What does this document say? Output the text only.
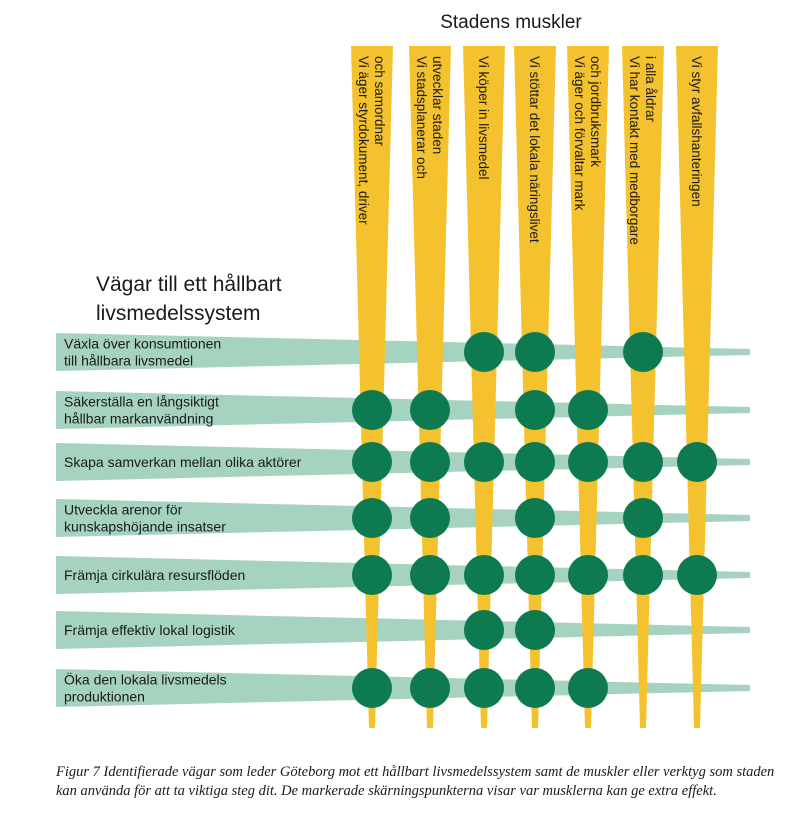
Stadens muskler
Vägar till ett hållbart
livsmedelssystem
Vi äger styrdokument, driveroch samordnar Vi stadsplanerar ochutvecklar staden Vi köper in livsmedel	Vi stöttar det lokala näringslivet Vi äger och förvaltar markoch jordbruksmark Vi har kontakt med medborgarei alla åldrar Vi styr avfallshanteringen
Växla över konsumtionen till hållbara livsmedel
Säkerställa en långsiktigt hållbar markanvändning
Skapa samverkan mellan olika aktörer
Utveckla arenor för kunskapshöjande insatser
Främja cirkulära resursflöden
Främja effektiv lokal logistik
Öka den lokala livsmedels produktionen

Figur 7 Identifierade vägar som leder Göteborg mot ett hållbart livsmedelssystem samt de muskler eller verktyg som staden kan använda för att ta viktiga steg dit. De markerade skärningspunkterna visar var musklerna kan ge extra effekt.
